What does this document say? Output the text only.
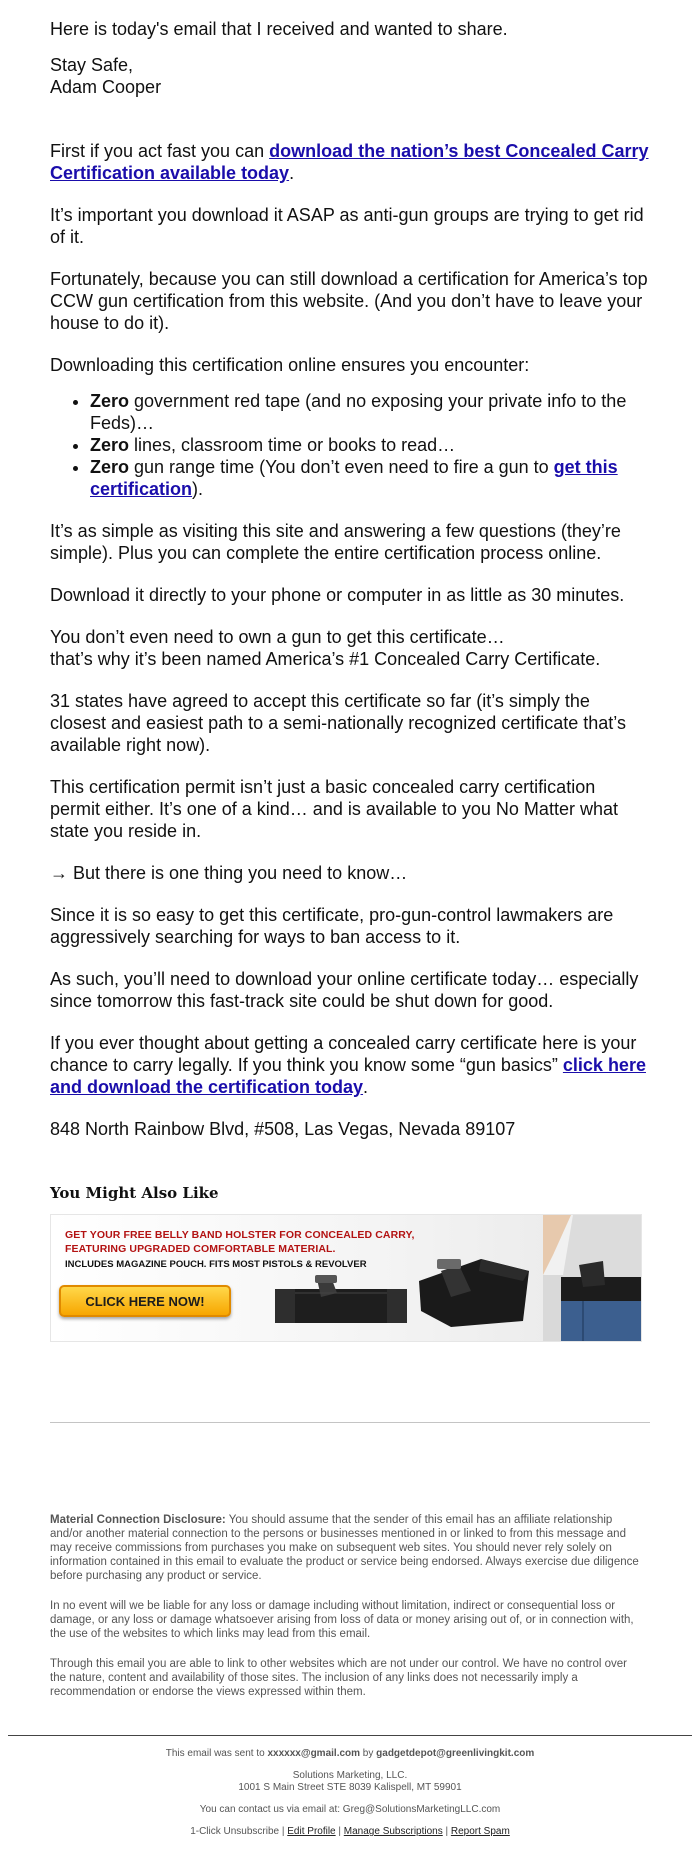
Here is today's email that I received and wanted to share.

Stay Safe,
Adam Cooper

First if you act fast you can download the nation’s best Concealed Carry Certification available today.

It’s important you download it ASAP as anti-gun groups are trying to get rid of it.

Fortunately, because you can still download a certification for America’s top CCW gun certification from this website. (And you don’t have to leave your house to do it).

Downloading this certification online ensures you encounter:

• Zero government red tape (and no exposing your private info to the Feds)…
• Zero lines, classroom time or books to read…
• Zero gun range time (You don’t even need to fire a gun to get this certification).

It’s as simple as visiting this site and answering a few questions (they’re simple). Plus you can complete the entire certification process online.

Download it directly to your phone or computer in as little as 30 minutes.

You don’t even need to own a gun to get this certificate…
that’s why it’s been named America’s #1 Concealed Carry Certificate.

31 states have agreed to accept this certificate so far (it’s simply the closest and easiest path to a semi-nationally recognized certificate that’s available right now).

This certification permit isn’t just a basic concealed carry certification permit either. It’s one of a kind… and is available to you No Matter what state you reside in.

→ But there is one thing you need to know…

Since it is so easy to get this certificate, pro-gun-control lawmakers are aggressively searching for ways to ban access to it.

As such, you’ll need to download your online certificate today… especially since tomorrow this fast-track site could be shut down for good.

If you ever thought about getting a concealed carry certificate here is your chance to carry legally. If you think you know some “gun basics” click here and download the certification today.

848 North Rainbow Blvd, #508, Las Vegas, Nevada 89107

You Might Also Like
GET YOUR FREE BELLY BAND HOLSTER FOR CONCEALED CARRY,
FEATURING UPGRADED COMFORTABLE MATERIAL.
INCLUDES MAGAZINE POUCH. FITS MOST PISTOLS & REVOLVER
CLICK HERE NOW!

Material Connection Disclosure: You should assume that the sender of this email has an affiliate relationship and/or another material connection to the persons or businesses mentioned in or linked to from this message and may receive commissions from purchases you make on subsequent web sites. You should never rely solely on information contained in this email to evaluate the product or service being endorsed. Always exercise due diligence before purchasing any product or service.

In no event will we be liable for any loss or damage including without limitation, indirect or consequential loss or damage, or any loss or damage whatsoever arising from loss of data or money arising out of, or in connection with, the use of the websites to which links may lead from this email.

Through this email you are able to link to other websites which are not under our control. We have no control over the nature, content and availability of those sites. The inclusion of any links does not necessarily imply a recommendation or endorse the views expressed within them.

This email was sent to xxxxxx@gmail.com by gadgetdepot@greenlivingkit.com
Solutions Marketing, LLC.
1001 S Main Street STE 8039 Kalispell, MT 59901
You can contact us via email at: Greg@SolutionsMarketingLLC.com
1-Click Unsubscribe | Edit Profile | Manage Subscriptions | Report Spam
